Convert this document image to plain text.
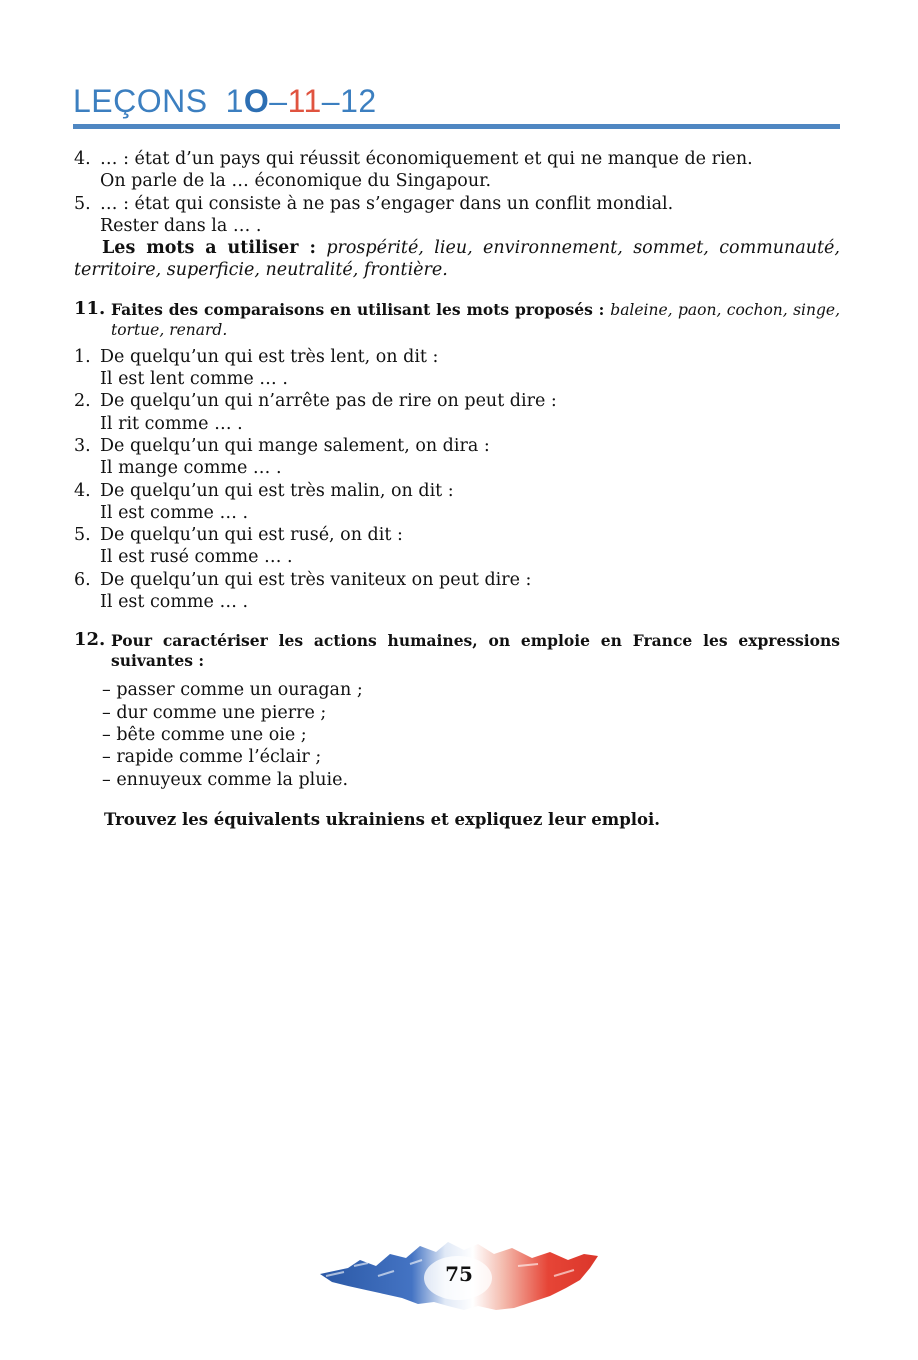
LEÇONS 1O–11–12
4. … : état d’un pays qui réussit économiquement et qui ne manque de rien.
On parle de la … économique du Singapour.
5. … : état qui consiste à ne pas s’engager dans un conflit mondial.
Rester dans la … .
Les mots a utiliser : prospérité, lieu, environnement, sommet, communauté, territoire, superficie, neutralité, frontière.
11. Faites des comparaisons en utilisant les mots proposés : baleine, paon, cochon, singe, tortue, renard.
1. De quelqu’un qui est très lent, on dit :
Il est lent comme … .
2. De quelqu’un qui n’arrête pas de rire on peut dire :
Il rit comme … .
3. De quelqu’un qui mange salement, on dira :
Il mange comme … .
4. De quelqu’un qui est très malin, on dit :
Il est comme … .
5. De quelqu’un qui est rusé, on dit :
Il est rusé comme … .
6. De quelqu’un qui est très vaniteux on peut dire :
Il est comme … .
12. Pour caractériser les actions humaines, on emploie en France les expressions suivantes :
– passer comme un ouragan ;
– dur comme une pierre ;
– bête comme une oie ;
– rapide comme l’éclair ;
– ennuyeux comme la pluie.
Trouvez les équivalents ukrainiens et expliquez leur emploi.
75
